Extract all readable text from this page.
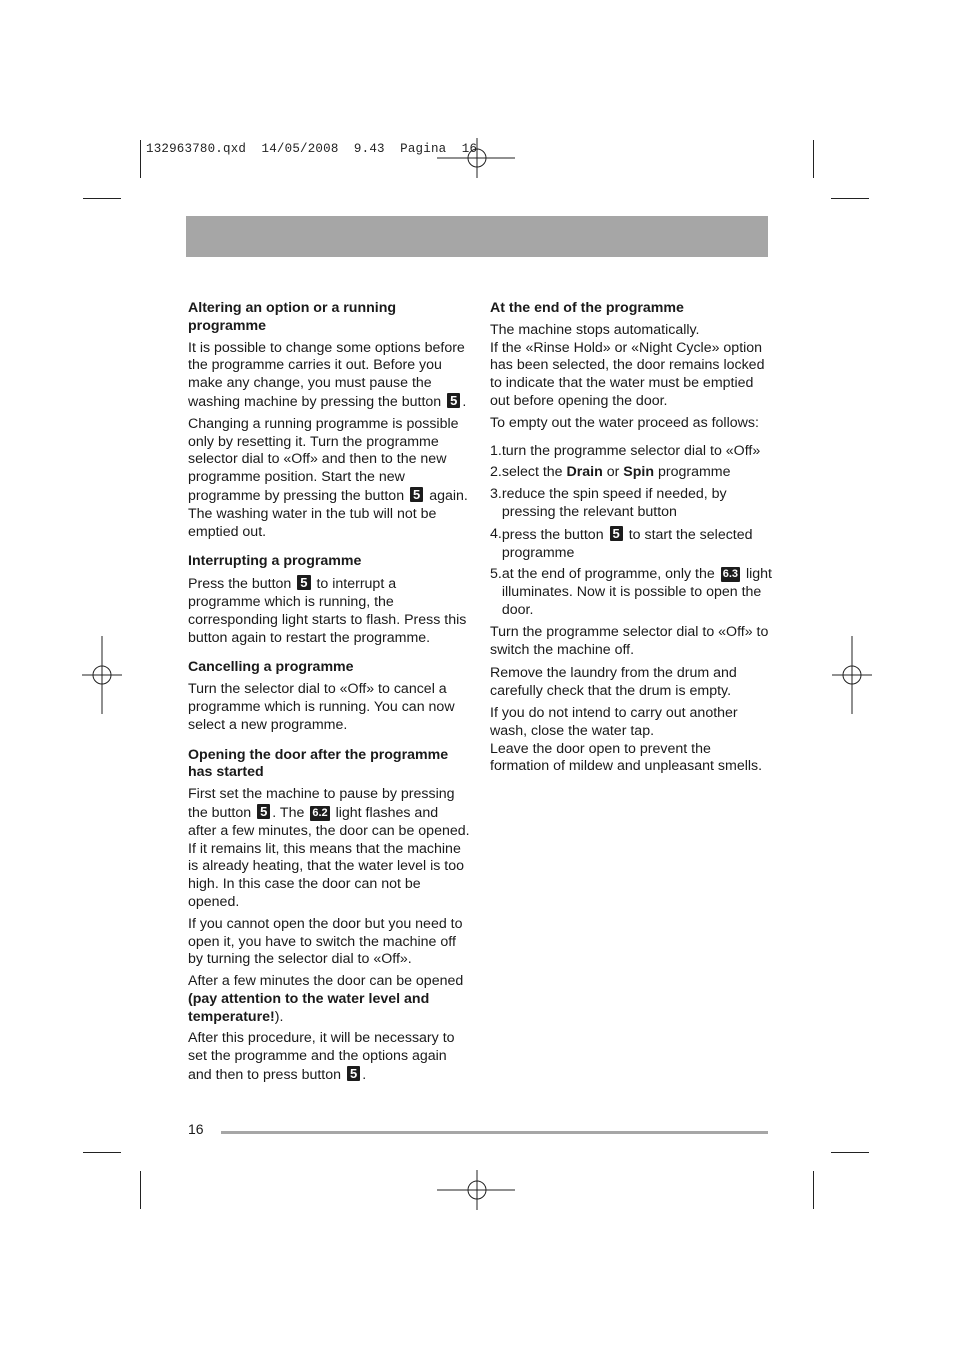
132963780.qxd  14/05/2008  9.43  Pagina  16
Altering an option or a running programme
It is possible to change some options before the programme carries it out. Before you make any change, you must pause the washing machine by pressing the button 5 .
Changing a running programme is possible only by resetting it. Turn the programme selector dial to «Off» and then to the new programme position. Start the new programme by pressing the button 5 again. The washing water in the tub will not be emptied out.
Interrupting a programme
Press the button 5 to interrupt a programme which is running, the corresponding light starts to flash. Press this button again to restart the programme.
Cancelling a programme
Turn the selector dial to «Off» to cancel a programme which is running. You can now select a new programme.
Opening the door after the programme has started
First set the machine to pause by pressing the button 5 . The 6.2 light flashes and after a few minutes, the door can be opened. If it remains lit, this means that the machine is already heating, that the water level is too high. In this case the door can not be opened.
If you cannot open the door but you need to open it, you have to switch the machine off by turning the selector dial to «Off».
After a few minutes the door can be opened (pay attention to the water level and temperature!).
After this procedure, it will be necessary to set the programme and the options again and then to press button 5 .
At the end of the programme
The machine stops automatically.
If the «Rinse Hold» or «Night Cycle» option has been selected, the door remains locked to indicate that the water must be emptied out before opening the door.
To empty out the water proceed as follows:
1. turn the programme selector dial to «Off»
2. select the Drain or Spin programme
3. reduce the spin speed if needed, by pressing the relevant button
4. press the button 5 to start the selected programme
5. at the end of programme, only the 6.3 light illuminates. Now it is possible to open the door.
Turn the programme selector dial to «Off» to switch the machine off.
Remove the laundry from the drum and carefully check that the drum is empty.
If you do not intend to carry out another wash, close the water tap.
Leave the door open to prevent the formation of mildew and unpleasant smells.
16
